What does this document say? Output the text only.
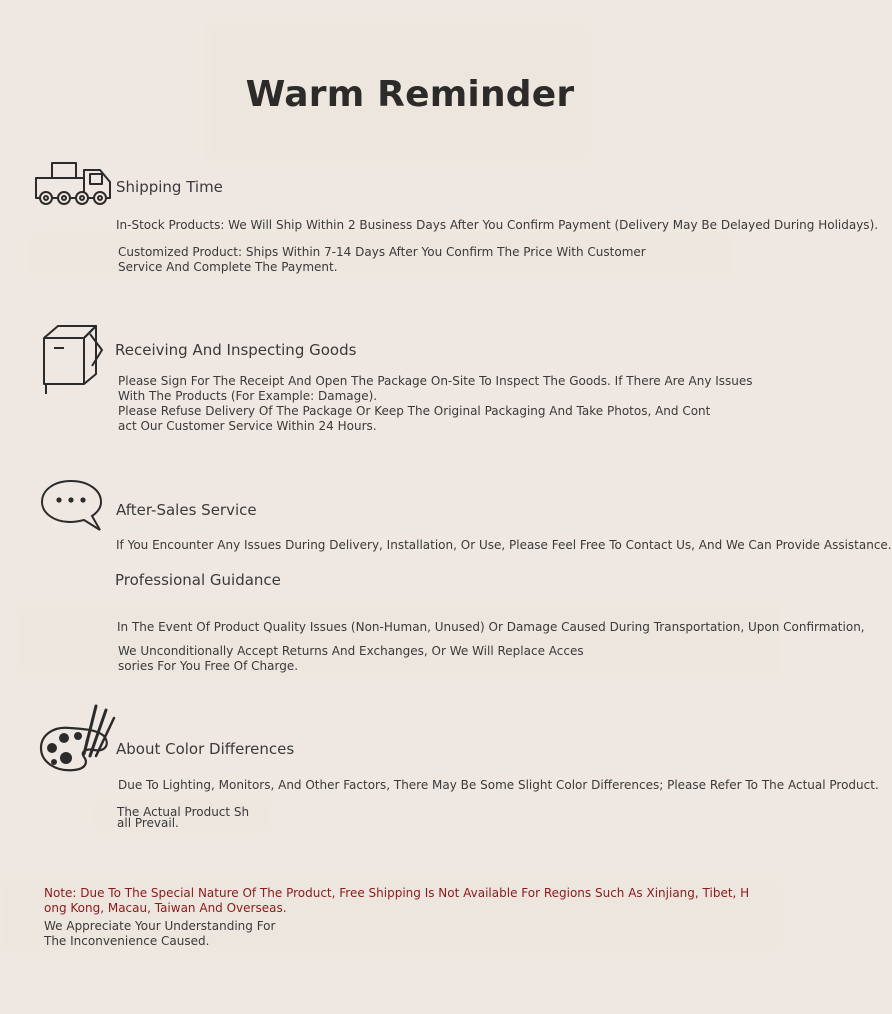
Warm Reminder
Shipping Time
In-Stock Products: We Will Ship Within 2 Business Days After You Confirm Payment (Delivery May Be Delayed During Holidays).
Customized Product: Ships Within 7-14 Days After You Confirm The Price With Customer Service And Complete The Payment.
Receiving And Inspecting Goods
Please Sign For The Receipt And Open The Package On-Site To Inspect The Goods. If There Are Any Issues With The Products (For Example: Damage).
Please Refuse Delivery Of The Package Or Keep The Original Packaging And Take Photos, And Contact Our Customer Service Within 24 Hours.
After-Sales Service
If You Encounter Any Issues During Delivery, Installation, Or Use, Please Feel Free To Contact Us, And We Can Provide Assistance.
Professional Guidance
In The Event Of Product Quality Issues (Non-Human, Unused) Or Damage Caused During Transportation, Upon Confirmation,
We Unconditionally Accept Returns And Exchanges, Or We Will Replace Accessories For You Free Of Charge.
About Color Differences
Due To Lighting, Monitors, And Other Factors, There May Be Some Slight Color Differences; Please Refer To The Actual Product.
The Actual Product Sh
all Prevail.
Note: Due To The Special Nature Of The Product, Free Shipping Is Not Available For Regions Such As Xinjiang, Tibet, Hong Kong, Macau, Taiwan And Overseas.
We Appreciate Your Understanding For The Inconvenience Caused.
